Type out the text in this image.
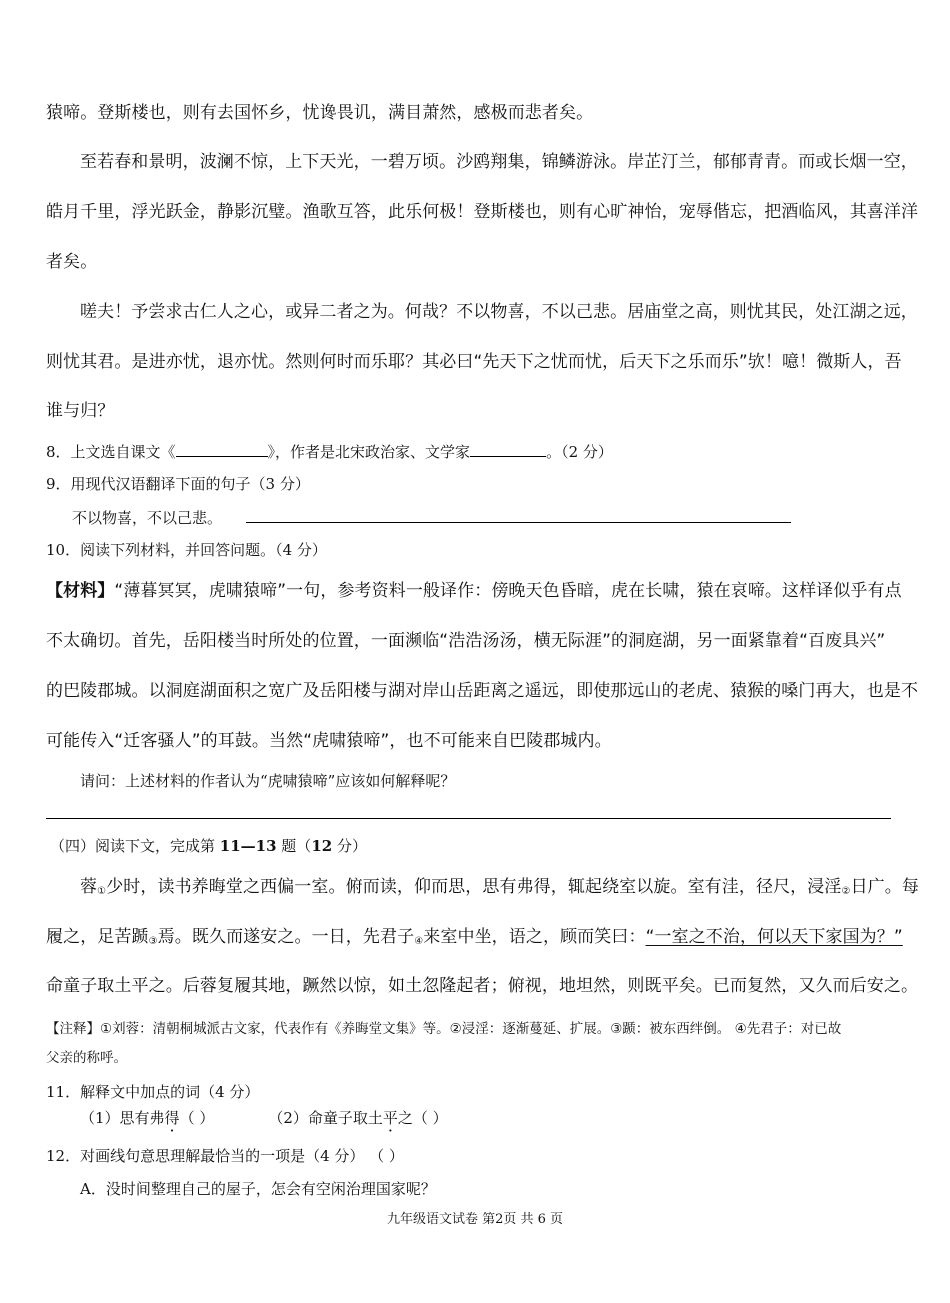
猿啼。登斯楼也，则有去国怀乡，忧谗畏讥，满目萧然，感极而悲者矣。

至若春和景明，波澜不惊，上下天光，一碧万顷。沙鸥翔集，锦鳞游泳。岸芷汀兰，郁郁青青。而或长烟一空，

皓月千里，浮光跃金，静影沉璧。渔歌互答，此乐何极！登斯楼也，则有心旷神怡，宠辱偕忘，把酒临风，其喜洋洋

者矣。

嗟夫！予尝求古仁人之心，或异二者之为。何哉？不以物喜，不以己悲。居庙堂之高，则忧其民，处江湖之远，

则忧其君。是进亦忧，退亦忧。然则何时而乐耶？其必曰“先天下之忧而忧，后天下之乐而乐”欤！噫！微斯人，吾

谁与归？

8．上文选自课文《	》，作者是北宋政治家、文学家	。（2 分）

9．用现代汉语翻译下面的句子（3 分）

不以物喜，不以己悲。

10．阅读下列材料，并回答问题。（4 分）

【材料】“薄暮冥冥，虎啸猿啼”一句，参考资料一般译作：傍晚天色昏暗，虎在长啸，猿在哀啼。这样译似乎有点

不太确切。首先，岳阳楼当时所处的位置，一面濒临“浩浩汤汤，横无际涯”的洞庭湖，另一面紧靠着“百废具兴”

的巴陵郡城。以洞庭湖面积之宽广及岳阳楼与湖对岸山岳距离之遥远，即使那远山的老虎、猿猴的嗓门再大，也是不

可能传入“迁客骚人”的耳鼓。当然“虎啸猿啼”，也不可能来自巴陵郡城内。

请问：上述材料的作者认为“虎啸猿啼”应该如何解释呢？

（四）阅读下文，完成第 11—13 题（12 分）

蓉$_①$少时，读书养晦堂之西偏一室。俯而读，仰而思，思有弗得，辄起绕室以旋。室有洼，径尺，浸淫$_②$日广。每

履之，足苦踬$_③$焉。既久而遂安之。一日，先君子$_④$来室中坐，语之，顾而笑曰：“一室之不治，何以天下家国为？”

命童子取土平之。后蓉复履其地，蹶然以惊，如土忽隆起者；俯视，地坦然，则既平矣。已而复然，又久而后安之。

【注释】①刘蓉：清朝桐城派古文家，代表作有《养晦堂文集》等。②浸淫：逐渐蔓延、扩展。③踬：被东西绊倒。 ④先君子：对已故

父亲的称呼。

11．解释文中加点的词（4 分）

（1）思有弗得（ ）	（2）命童子取土平之（ ）

12．对画线句意思理解最恰当的一项是（4 分） （ ）

A．没时间整理自己的屋子，怎会有空闲治理国家呢？

九年级语文试卷 第2页 共 6 页
